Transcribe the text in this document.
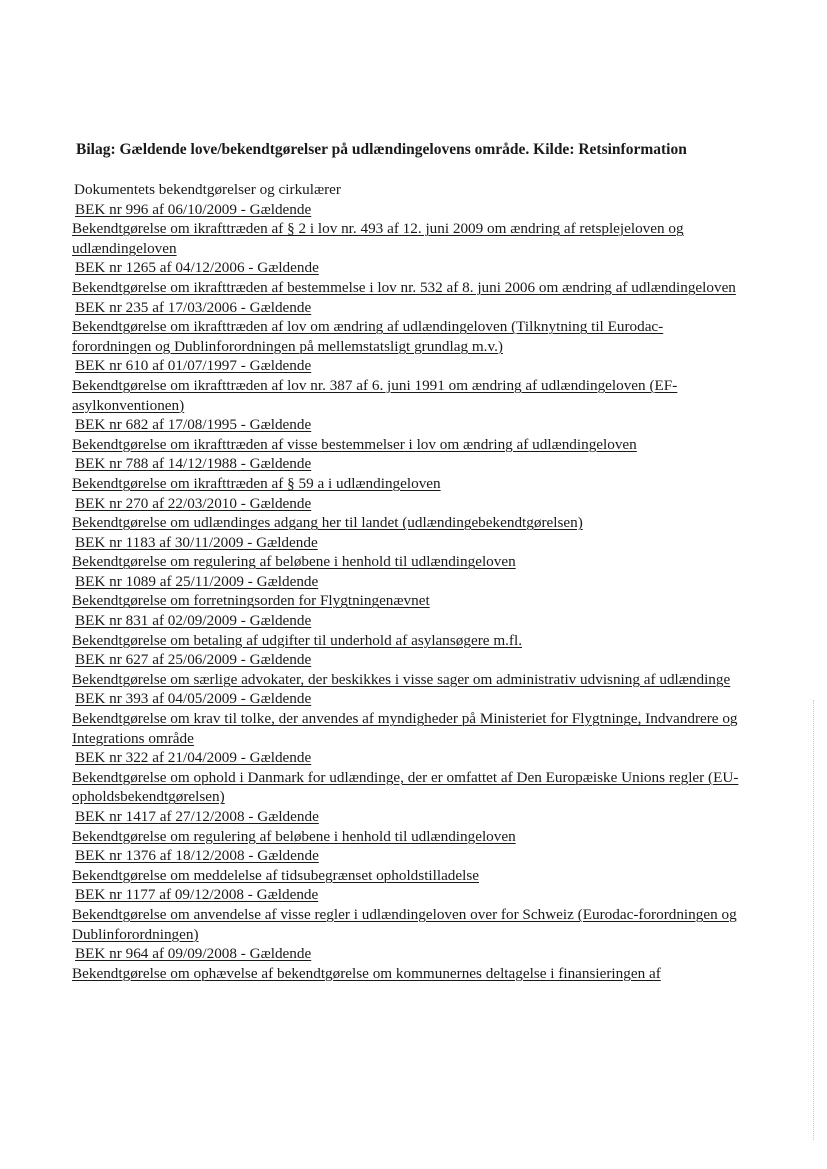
Bilag: Gældende love/bekendtgørelser på udlændingelovens område. Kilde: Retsinformation
Dokumentets bekendtgørelser og cirkulærer
BEK nr 996 af 06/10/2009 - Gældende
Bekendtgørelse om ikrafttræden af § 2 i lov nr. 493 af 12. juni 2009 om ændring af retsplejeloven og udlændingeloven
BEK nr 1265 af 04/12/2006 - Gældende
Bekendtgørelse om ikrafttræden af bestemmelse i lov nr. 532 af 8. juni 2006 om ændring af udlændingeloven
BEK nr 235 af 17/03/2006 - Gældende
Bekendtgørelse om ikrafttræden af lov om ændring af udlændingeloven (Tilknytning til Eurodac-forordningen og Dublinforordningen på mellemstatsligt grundlag m.v.)
BEK nr 610 af 01/07/1997 - Gældende
Bekendtgørelse om ikrafttræden af lov nr. 387 af 6. juni 1991 om ændring af udlændingeloven (EF-asylkonventionen)
BEK nr 682 af 17/08/1995 - Gældende
Bekendtgørelse om ikrafttræden af visse bestemmelser i lov om ændring af udlændingeloven
BEK nr 788 af 14/12/1988 - Gældende
Bekendtgørelse om ikrafttræden af § 59 a i udlændingeloven
BEK nr 270 af 22/03/2010 - Gældende
Bekendtgørelse om udlændinges adgang her til landet (udlændingebekendtgørelsen)
BEK nr 1183 af 30/11/2009 - Gældende
Bekendtgørelse om regulering af beløbene i henhold til udlændingeloven
BEK nr 1089 af 25/11/2009 - Gældende
Bekendtgørelse om forretningsorden for Flygtningenævnet
BEK nr 831 af 02/09/2009 - Gældende
Bekendtgørelse om betaling af udgifter til underhold af asylansøgere m.fl.
BEK nr 627 af 25/06/2009 - Gældende
Bekendtgørelse om særlige advokater, der beskikkes i visse sager om administrativ udvisning af udlændinge
BEK nr 393 af 04/05/2009 - Gældende
Bekendtgørelse om krav til tolke, der anvendes af myndigheder på Ministeriet for Flygtninge, Indvandrere og Integrations område
BEK nr 322 af 21/04/2009 - Gældende
Bekendtgørelse om ophold i Danmark for udlændinge, der er omfattet af Den Europæiske Unions regler (EU-opholdsbekendtgørelsen)
BEK nr 1417 af 27/12/2008 - Gældende
Bekendtgørelse om regulering af beløbene i henhold til udlændingeloven
BEK nr 1376 af 18/12/2008 - Gældende
Bekendtgørelse om meddelelse af tidsubegrænset opholdstilladelse
BEK nr 1177 af 09/12/2008 - Gældende
Bekendtgørelse om anvendelse af visse regler i udlændingeloven over for Schweiz (Eurodac-forordningen og Dublinforordningen)
BEK nr 964 af 09/09/2008 - Gældende
Bekendtgørelse om ophævelse af bekendtgørelse om kommunernes deltagelse i finansieringen af
